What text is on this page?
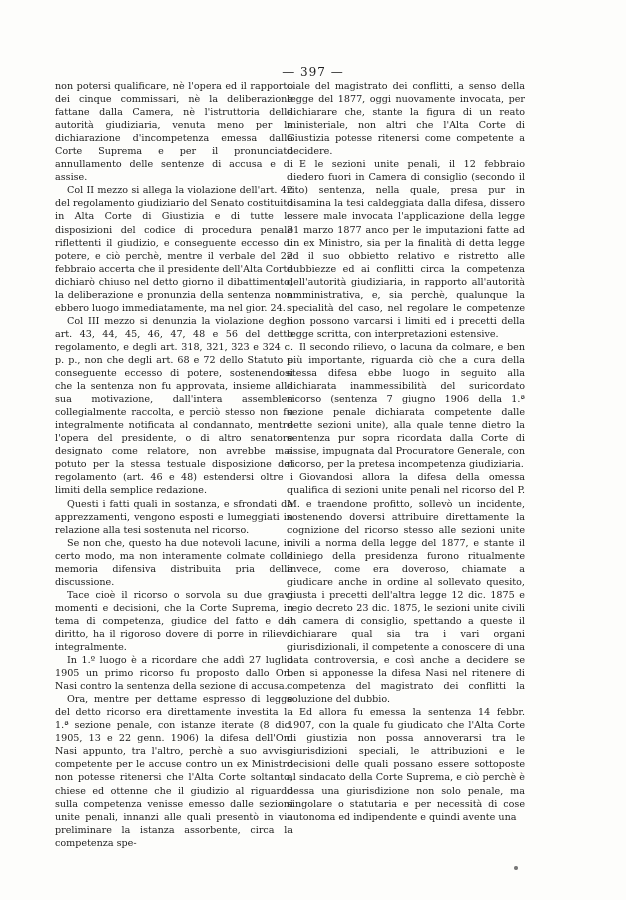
— 397 —

non potersi qualificare, nè l'opera ed il rapporto dei cinque commissari, nè la deliberazione fattane dalla Camera, nè l'istruttoria della autorità giudiziaria, venuta meno per la dichiarazione d'incompetenza emessa dalla Corte Suprema e per il pronunciato annullamento delle sentenze di accusa e di assise.

Col II mezzo si allega la violazione dell'art. 42 del regolamento giudiziario del Senato costituito in Alta Corte di Giustizia e di tutte le disposizioni del codice di procedura penale riflettenti il giudizio, e conseguente eccesso di potere, e ciò perchè, mentre il verbale del 22 febbraio accerta che il presidente dell'Alta Corte dichiarò chiuso nel detto giorno il dibattimento, la deliberazione e pronunzia della sentenza non ebbero luogo immediatamente, ma nel gior. 24.

Col III mezzo si denunzia la violazione degli art. 43, 44, 45, 46, 47, 48 e 56 del detto regolamento, e degli art. 318, 321, 323 e 324 c. p. p., non che degli art. 68 e 72 dello Statuto e conseguente eccesso di potere, sostenendosi che la sentenza non fu approvata, insieme alla sua motivazione, dall'intera assemblea collegialmente raccolta, e perciò stesso non fu integralmente notificata al condannato, mentre l'opera del presidente, o di altro senatore designato come relatore, non avrebbe mai potuto per la stessa testuale disposizione del regolamento (art. 46 e 48) estendersi oltre i limiti della semplice redazione.

Questi i fatti quali in sostanza, e sfrondati da apprezzamenti, vengono esposti e lumeggiati in relazione alla tesi sostenuta nel ricorso.

Se non che, questo ha due notevoli lacune, in certo modo, ma non interamente colmate colla memoria difensiva distribuita pria della discussione.

Tace cioè il ricorso o sorvola su due gravi momenti e decisioni, che la Corte Suprema, in tema di competenza, giudice del fatto e del diritto, ha il rigoroso dovere di porre in rilievo integralmente.

In 1.º luogo è a ricordare che addì 27 luglio 1905 un primo ricorso fu proposto dallo On. Nasi contro la sentenza della sezione di accusa.

Ora, mentre per dettame espresso di legge del detto ricorso era direttamente investita la 1.ª sezione penale, con istanze iterate (8 dic. 1905, 13 e 22 genn. 1906) la difesa dell'On. Nasi appunto, tra l'altro, perchè a suo avviso competente per le accuse contro un ex Ministro non potesse ritenersi che l'Alta Corte soltanto, chiese ed ottenne che il giudizio al riguardo sulla competenza venisse emesso dalle sezioni unite penali, innanzi alle quali presentò in via preliminare la istanza assorbente, circa la competenza spe-

ciale del magistrato dei conflitti, a senso della legge del 1877, oggi nuovamente invocata, per dichiarare che, stante la figura di un reato ministeriale, non altri che l'Alta Corte di Giustizia potesse ritenersi come competente a decidere.

E le sezioni unite penali, il 12 febbraio diedero fuori in Camera di consiglio (secondo il rito) sentenza, nella quale, presa pur in disamina la tesi caldeggiata dalla difesa, dissero essere male invocata l'applicazione della legge 31 marzo 1877 anco per le imputazioni fatte ad un ex Ministro, sia per la finalità di detta legge ed il suo obbietto relativo e ristretto alle dubbiezze ed ai conflitti circa la competenza dell'autorità giudiziaria, in rapporto all'autorità amministrativa, e, sia perchè, qualunque la specialità del caso, nel regolare le competenze non possono varcarsi i limiti ed i precetti della legge scritta, con interpretazioni estensive.

Il secondo rilievo, o lacuna da colmare, e ben più importante, riguarda ciò che a cura della stessa difesa ebbe luogo in seguito alla dichiarata inammessibilità del suricordato ricorso (sentenza 7 giugno 1906 della 1.ª sezione penale dichiarata competente dalle dette sezioni unite), alla quale tenne dietro la sentenza pur sopra ricordata dalla Corte di assise, impugnata dal Procuratore Generale, con ricorso, per la pretesa incompetenza giudiziaria.

Giovandosi allora la difesa della omessa qualifica di sezioni unite penali nel ricorso del P. M. e traendone profitto, sollevò un incidente, sostenendo doversi attribuire direttamente la cognizione del ricorso stesso alle sezioni unite civili a norma della legge del 1877, e stante il diniego della presidenza furono ritualmente invece, come era doveroso, chiamate a giudicare anche in ordine al sollevato quesito, giusta i precetti dell'altra legge 12 dic. 1875 e regio decreto 23 dic. 1875, le sezioni unite civili in camera di consiglio, spettando a queste il dichiarare qual sia tra i vari organi giurisdizionali, il competente a conoscere di una data controversia, e così anche a decidere se ben si apponesse la difesa Nasi nel ritenere di competenza del magistrato dei conflitti la soluzione del dubbio.

Ed allora fu emessa la sentenza 14 febbr. 1907, con la quale fu giudicato che l'Alta Corte di giustizia non possa annoverarsi tra le giurisdizioni speciali, le attribuzioni e le decisioni delle quali possano essere sottoposte al sindacato della Corte Suprema, e ciò perchè è dessa una giurisdizione non solo penale, ma singolare o statutaria e per necessità di cose autonoma ed indipendente e quindi avente una
